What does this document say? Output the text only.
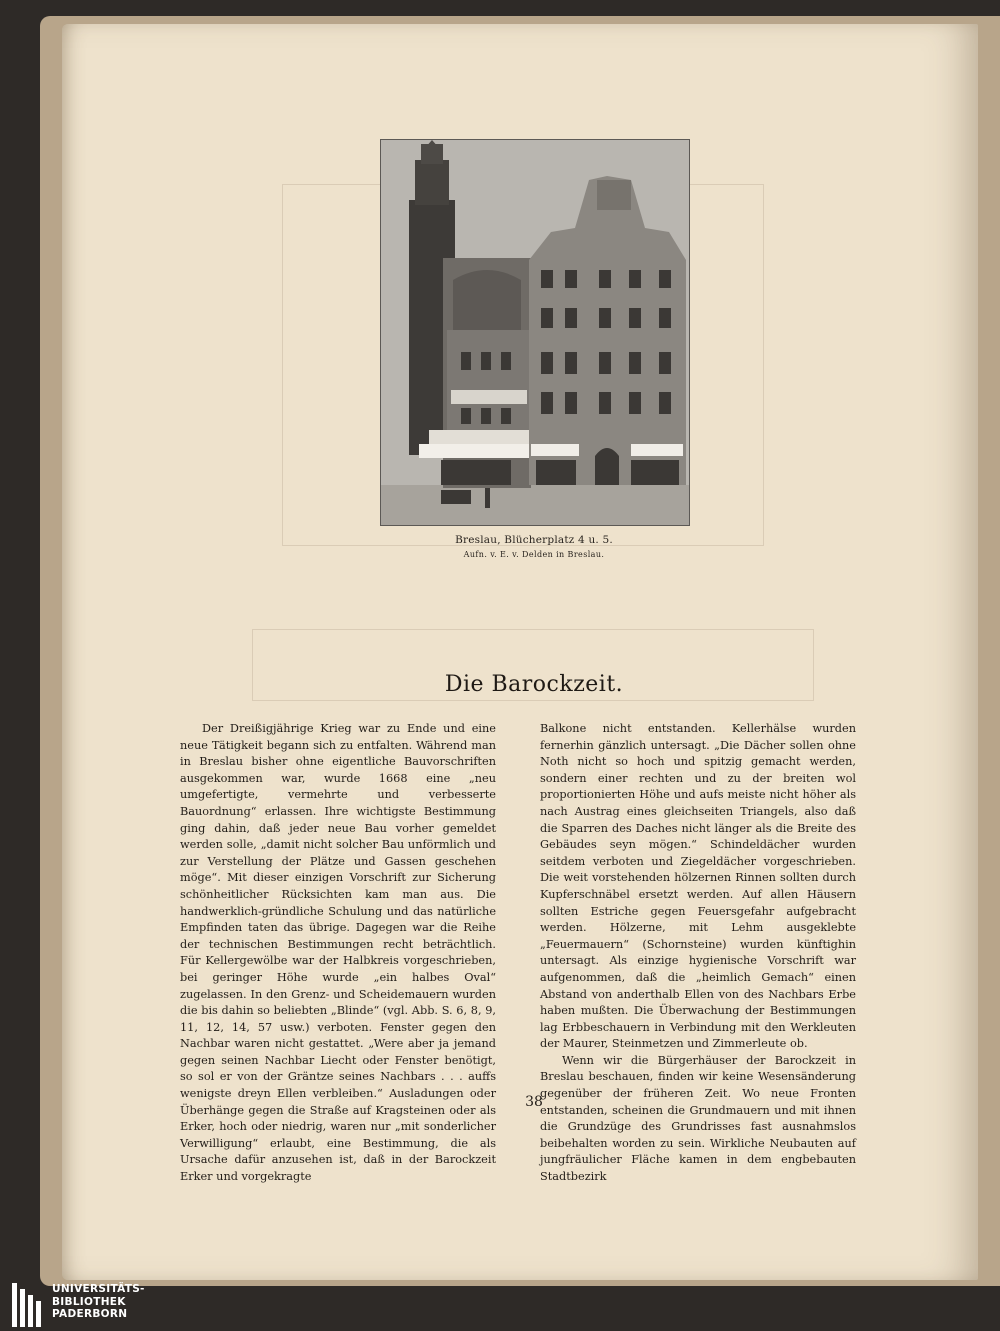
Breslau, Blücherplatz 4 u. 5.
Aufn. v. E. v. Delden in Breslau.
Die Barockzeit.

Der Dreißigjährige Krieg war zu Ende und eine neue Tätigkeit begann sich zu entfalten. Während man in Breslau bisher ohne eigentliche Bauvorschriften ausgekommen war, wurde 1668 eine „neu umgefertigte, vermehrte und verbesserte Bauordnung“ erlassen. Ihre wichtigste Bestimmung ging dahin, daß jeder neue Bau vorher gemeldet werden solle, „damit nicht solcher Bau unförmlich und zur Verstellung der Plätze und Gassen geschehen möge“. Mit dieser einzigen Vorschrift zur Sicherung schönheitlicher Rücksichten kam man aus. Die handwerklich-gründliche Schulung und das natürliche Empfinden taten das übrige. Dagegen war die Reihe der technischen Bestimmungen recht beträchtlich. Für Kellergewölbe war der Halbkreis vorgeschrieben, bei geringer Höhe wurde „ein halbes Oval“ zugelassen. In den Grenz- und Scheidemauern wurden die bis dahin so beliebten „Blinde“ (vgl. Abb. S. 6, 8, 9, 11, 12, 14, 57 usw.) verboten. Fenster gegen den Nachbar waren nicht gestattet. „Were aber ja jemand gegen seinen Nachbar Liecht oder Fenster benötigt, so sol er von der Gräntze seines Nachbars . . . auffs wenigste dreyn Ellen verbleiben.“ Ausladungen oder Überhänge gegen die Straße auf Kragsteinen oder als Erker, hoch oder niedrig, waren nur „mit sonderlicher Verwilligung“ erlaubt, eine Bestimmung, die als Ursache dafür anzusehen ist, daß in der Barockzeit Erker und vorgekragte

Balkone nicht entstanden. Kellerhälse wurden fernerhin gänzlich untersagt. „Die Dächer sollen ohne Noth nicht so hoch und spitzig gemacht werden, sondern einer rechten und zu der breiten wol proportionierten Höhe und aufs meiste nicht höher als nach Austrag eines gleichseiten Triangels, also daß die Sparren des Daches nicht länger als die Breite des Gebäudes seyn mögen.“ Schindeldächer wurden seitdem verboten und Ziegeldächer vorgeschrieben. Die weit vorstehenden hölzernen Rinnen sollten durch Kupferschnäbel ersetzt werden. Auf allen Häusern sollten Estriche gegen Feuersgefahr aufgebracht werden. Hölzerne, mit Lehm ausgeklebte „Feuermauern“ (Schornsteine) wurden künftighin untersagt. Als einzige hygienische Vorschrift war aufgenommen, daß die „heimlich Gemach“ einen Abstand von anderthalb Ellen von des Nachbars Erbe haben mußten. Die Überwachung der Bestimmungen lag Erbbeschauern in Verbindung mit den Werkleuten der Maurer, Steinmetzen und Zimmerleute ob.

Wenn wir die Bürgerhäuser der Barockzeit in Breslau beschauen, finden wir keine Wesensänderung gegenüber der früheren Zeit. Wo neue Fronten entstanden, scheinen die Grundmauern und mit ihnen die Grundzüge des Grundrisses fast ausnahmslos beibehalten worden zu sein. Wirkliche Neubauten auf jungfräulicher Fläche kamen in dem engbebauten Stadtbezirk

38
UNIVERSITÄTS-
BIBLIOTHEK
PADERBORN
